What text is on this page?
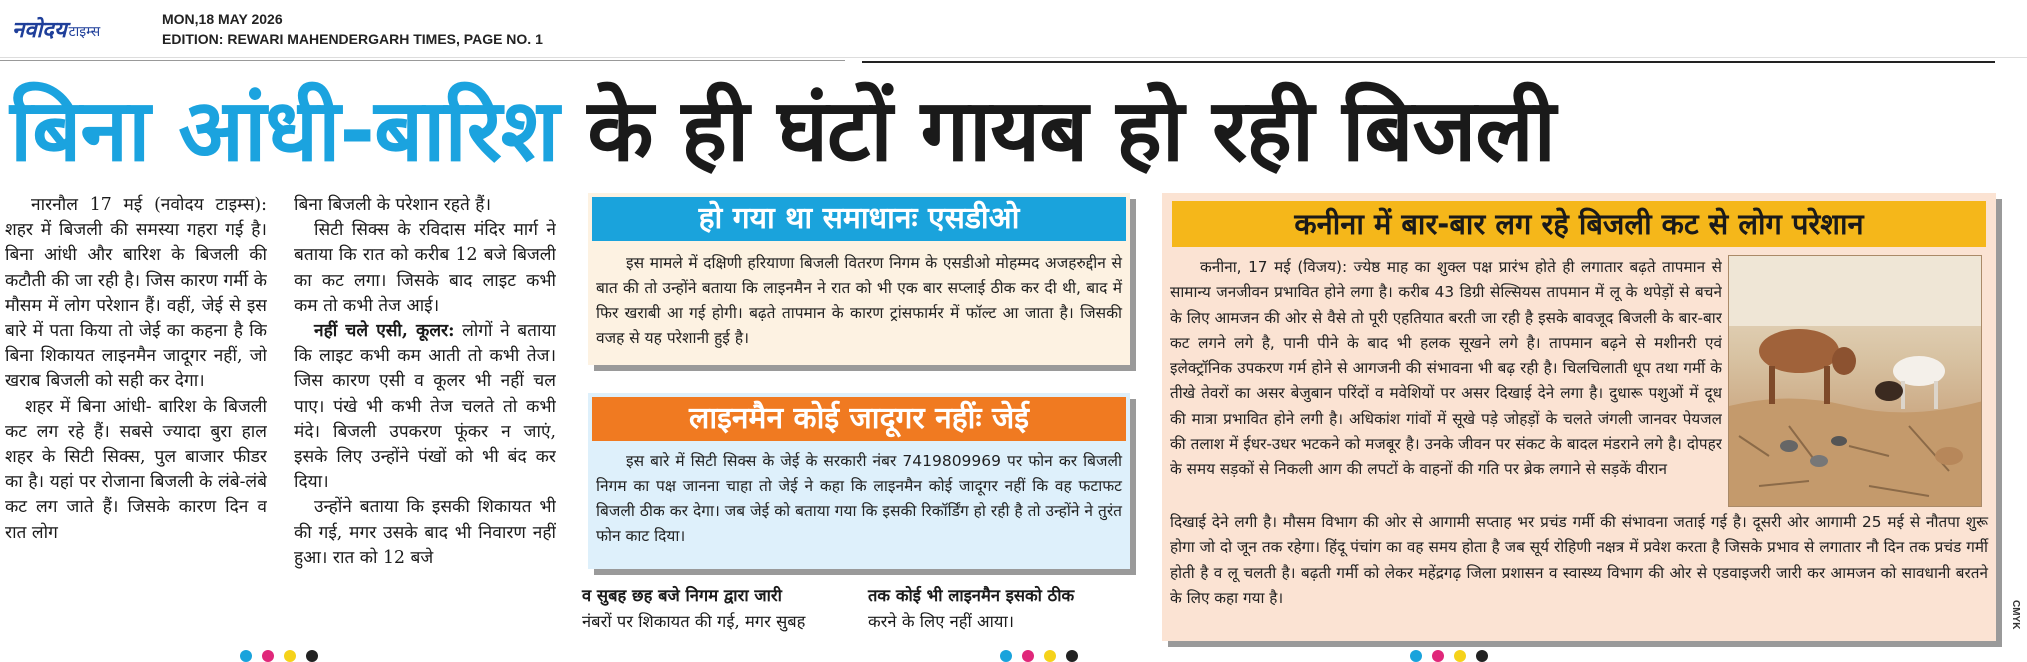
नवोदय टाइम्स
MON,18 MAY 2026
EDITION: REWARI MAHENDERGARH TIMES, PAGE NO. 1
बिना आंधी-बारिश के ही घंटों गायब हो रही बिजली

नारनौल 17 मई (नवोदय टाइम्स): शहर में बिजली की समस्या गहरा गई है। बिना आंधी और बारिश के बिजली की कटौती की जा रही है। जिस कारण गर्मी के मौसम में लोग परेशान हैं। वहीं, जेई से इस बारे में पता किया तो जेई का कहना है कि बिना शिकायत लाइनमैन जादूगर नहीं, जो खराब बिजली को सही कर देगा।

शहर में बिना आंधी- बारिश के बिजली कट लग रहे हैं। सबसे ज्यादा बुरा हाल शहर के सिटी सिक्स, पुल बाजार फीडर का है। यहां पर रोजाना बिजली के लंबे-लंबे कट लग जाते हैं। जिसके कारण दिन व रात लोग

बिना बिजली के परेशान रहते हैं।

सिटी सिक्स के रविदास मंदिर मार्ग ने बताया कि रात को करीब 12 बजे बिजली का कट लगा। जिसके बाद लाइट कभी कम तो कभी तेज आई।

नहीं चले एसी, कूलर: लोगों ने बताया कि लाइट कभी कम आती तो कभी तेज। जिस कारण एसी व कूलर भी नहीं चल पाए। पंखे भी कभी तेज चलते तो कभी मंदे। बिजली उपकरण फूंकर न जाएं, इसके लिए उन्होंने पंखों को भी बंद कर दिया।

उन्होंने बताया कि इसकी शिकायत भी की गई, मगर उसके बाद भी निवारण नहीं हुआ। रात को 12 बजे

हो गया था समाधानः एसडीओ

इस मामले में दक्षिणी हरियाणा बिजली वितरण निगम के एसडीओ मोहम्मद अजहरुद्दीन से बात की तो उन्होंने बताया कि लाइनमैन ने रात को भी एक बार सप्लाई ठीक कर दी थी, बाद में फिर खराबी आ गई होगी। बढ़ते तापमान के कारण ट्रांसफार्मर में फॉल्ट आ जाता है। जिसकी वजह से यह परेशानी हुई है।

लाइनमैन कोई जादूगर नहींः जेई

इस बारे में सिटी सिक्स के जेई के सरकारी नंबर 7419809969 पर फोन कर बिजली निगम का पक्ष जानना चाहा तो जेई ने कहा कि लाइनमैन कोई जादूगर नहीं कि वह फटाफट बिजली ठीक कर देगा। जब जेई को बताया गया कि इसकी रिकॉर्डिंग हो रही है तो उन्होंने ने तुरंत फोन काट दिया।

व सुबह छह बजे निगम द्वारा जारी
नंबरों पर शिकायत की गई, मगर सुबह
तक कोई भी लाइनमैन इसको ठीक
करने के लिए नहीं आया।
कनीना में बार-बार लग रहे बिजली कट से लोग परेशान

कनीना, 17 मई (विजय): ज्येष्ठ माह का शुक्ल पक्ष प्रारंभ होते ही लगातार बढ़ते तापमान से सामान्य जनजीवन प्रभावित होने लगा है। करीब 43 डिग्री सेल्सियस तापमान में लू के थपेड़ों से बचने के लिए आमजन की ओर से वैसे तो पूरी एहतियात बरती जा रही है इसके बावजूद बिजली के बार-बार कट लगने लगे है, पानी पीने के बाद भी हलक सूखने लगे है। तापमान बढ़ने से मशीनरी एवं इलेक्ट्रॉनिक उपकरण गर्म होने से आगजनी की संभावना भी बढ़ रही है। चिलचिलाती धूप तथा गर्मी के तीखे तेवरों का असर बेजुबान परिंदों व मवेशियों पर असर दिखाई देने लगा है। दुधारू पशुओं में दूध की मात्रा प्रभावित होने लगी है। अधिकांश गांवों में सूखे पड़े जोहड़ों के चलते जंगली जानवर पेयजल की तलाश में ईधर-उधर भटकने को मजबूर है। उनके जीवन पर संकट के बादल मंडराने लगे है। दोपहर के समय सड़कों से निकली आग की लपटों के वाहनों की गति पर ब्रेक लगाने से सड़कें वीरान

दिखाई देने लगी है। मौसम विभाग की ओर से आगामी सप्ताह भर प्रचंड गर्मी की संभावना जताई गई है। दूसरी ओर आगामी 25 मई से नौतपा शुरू होगा जो दो जून तक रहेगा। हिंदू पंचांग का वह समय होता है जब सूर्य रोहिणी नक्षत्र में प्रवेश करता है जिसके प्रभाव से लगातार नौ दिन तक प्रचंड गर्मी होती है व लू चलती है। बढ़ती गर्मी को लेकर महेंद्रगढ़ जिला प्रशासन व स्वास्थ्य विभाग की ओर से एडवाइजरी जारी कर आमजन को सावधानी बरतने के लिए कहा गया है।

CMYK
